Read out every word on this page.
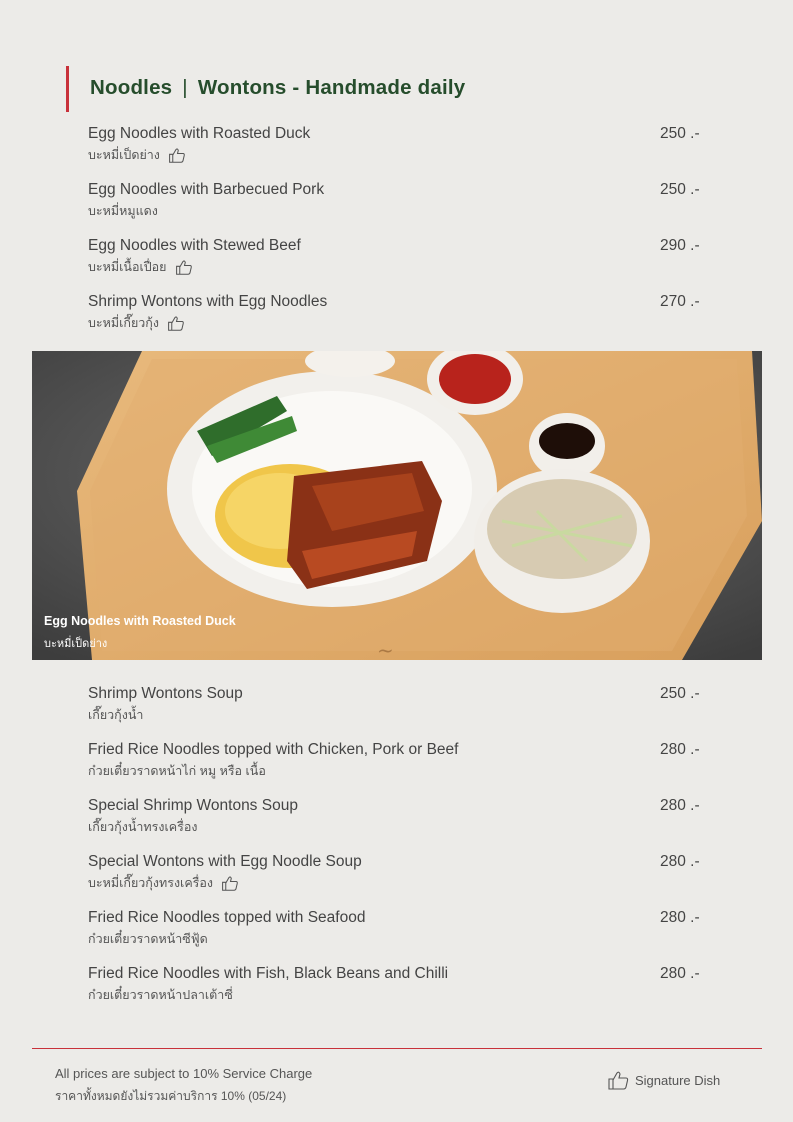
Noodles | Wontons - Handmade daily
Egg Noodles with Roasted Duck
บะหมี่เป็ดย่าง
250 .-
Egg Noodles with Barbecued Pork
บะหมี่หมูแดง
250 .-
Egg Noodles with Stewed Beef
บะหมี่เนื้อเปื่อย
290 .-
Shrimp Wontons with Egg Noodles
บะหมี่เกี๊ยวกุ้ง
270 .-
~
Egg Noodles with Roasted Duck
บะหมี่เป็ดย่าง
Shrimp Wontons Soup
เกี๊ยวกุ้งน้ำ
250 .-
Fried Rice Noodles topped with Chicken, Pork or Beef
ก๋วยเตี๋ยวราดหน้าไก่ หมู หรือ เนื้อ
280 .-
Special Shrimp Wontons Soup
เกี๊ยวกุ้งน้ำทรงเครื่อง
280 .-
Special Wontons with Egg Noodle Soup
บะหมี่เกี๊ยวกุ้งทรงเครื่อง
280 .-
Fried Rice Noodles topped with Seafood
ก๋วยเตี๋ยวราดหน้าซีฟู้ด
280 .-
Fried Rice Noodles with Fish, Black Beans and Chilli
ก๋วยเตี๋ยวราดหน้าปลาเต้าซี่
280 .-
All prices are subject to 10% Service Charge
ราคาทั้งหมดยังไม่รวมค่าบริการ 10% (05/24)
Signature Dish
